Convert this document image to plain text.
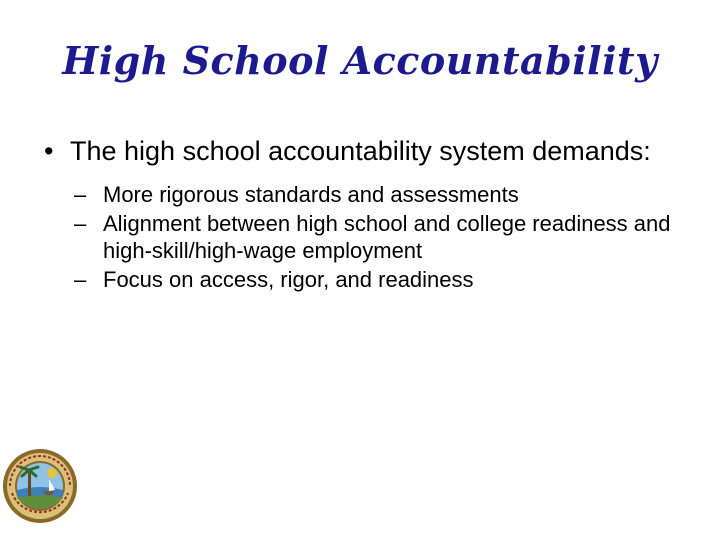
High School Accountability
• The high school accountability system demands:
– More rigorous standards and assessments
– Alignment between high school and college readiness and high-skill/high-wage employment
– Focus on access, rigor, and readiness
